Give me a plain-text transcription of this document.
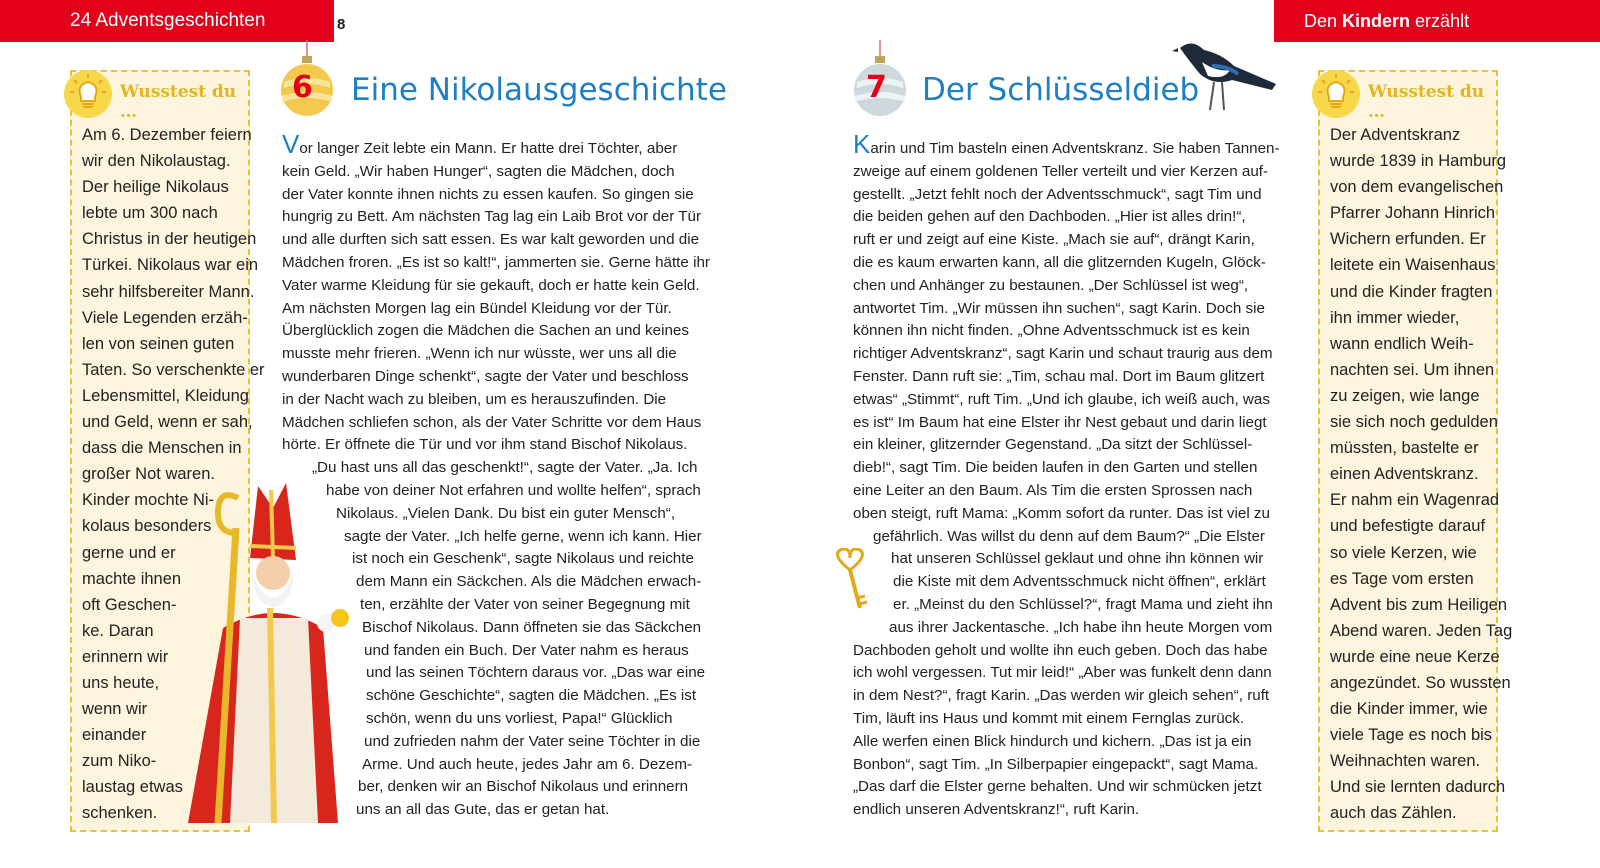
24 Adventsgeschichten	8
Wusstest du …
Am 6. Dezember feiern
wir den Nikolaustag.
Der heilige Nikolaus
lebte um 300 nach
Christus in der heutigen
Türkei. Nikolaus war ein
sehr hilfsbereiter Mann.
Viele Legenden erzäh-
len von seinen guten
Taten. So verschenkte er
Lebensmittel, Kleidung
und Geld, wenn er sah,
dass die Menschen in
großer Not waren.
Kinder mochte Ni-
kolaus besonders
gerne und er
machte ihnen
oft Geschen-
ke. Daran
erinnern wir
uns heute,
wenn wir
einander
zum Niko-
laustag etwas
schenken.
6 Eine Nikolausgeschichte
Vor langer Zeit lebte ein Mann. Er hatte drei Töchter, aber
kein Geld. „Wir haben Hunger“, sagten die Mädchen, doch
der Vater konnte ihnen nichts zu essen kaufen. So gingen sie
hungrig zu Bett. Am nächsten Tag lag ein Laib Brot vor der Tür
und alle durften sich satt essen. Es war kalt geworden und die
Mädchen froren. „Es ist so kalt!“, jammerten sie. Gerne hätte ihr
Vater warme Kleidung für sie gekauft, doch er hatte kein Geld.
Am nächsten Morgen lag ein Bündel Kleidung vor der Tür.
Überglücklich zogen die Mädchen die Sachen an und keines
musste mehr frieren. „Wenn ich nur wüsste, wer uns all die
wunderbaren Dinge schenkt“, sagte der Vater und beschloss
in der Nacht wach zu bleiben, um es herauszufinden. Die
Mädchen schliefen schon, als der Vater Schritte vor dem Haus
hörte. Er öffnete die Tür und vor ihm stand Bischof Nikolaus.
„Du hast uns all das geschenkt!“, sagte der Vater. „Ja. Ich
habe von deiner Not erfahren und wollte helfen“, sprach
Nikolaus. „Vielen Dank. Du bist ein guter Mensch“,
sagte der Vater. „Ich helfe gerne, wenn ich kann. Hier
ist noch ein Geschenk“, sagte Nikolaus und reichte
dem Mann ein Säckchen. Als die Mädchen erwach-
ten, erzählte der Vater von seiner Begegnung mit
Bischof Nikolaus. Dann öffneten sie das Säckchen
und fanden ein Buch. Der Vater nahm es heraus
und las seinen Töchtern daraus vor. „Das war eine
schöne Geschichte“, sagten die Mädchen. „Es ist
schön, wenn du uns vorliest, Papa!“ Glücklich
und zufrieden nahm der Vater seine Töchter in die
Arme. Und auch heute, jedes Jahr am 6. Dezem-
ber, denken wir an Bischof Nikolaus und erinnern
uns an all das Gute, das er getan hat.
Den Kindern erzählt
7 Der Schlüsseldieb
Karin und Tim basteln einen Adventskranz. Sie haben Tannen-
zweige auf einem goldenen Teller verteilt und vier Kerzen auf-
gestellt. „Jetzt fehlt noch der Adventsschmuck“, sagt Tim und
die beiden gehen auf den Dachboden. „Hier ist alles drin!“,
ruft er und zeigt auf eine Kiste. „Mach sie auf“, drängt Karin,
die es kaum erwarten kann, all die glitzernden Kugeln, Glöck-
chen und Anhänger zu bestaunen. „Der Schlüssel ist weg“,
antwortet Tim. „Wir müssen ihn suchen“, sagt Karin. Doch sie
können ihn nicht finden. „Ohne Adventsschmuck ist es kein
richtiger Adventskranz“, sagt Karin und schaut traurig aus dem
Fenster. Dann ruft sie: „Tim, schau mal. Dort im Baum glitzert
etwas“ „Stimmt“, ruft Tim. „Und ich glaube, ich weiß auch, was
es ist“ Im Baum hat eine Elster ihr Nest gebaut und darin liegt
ein kleiner, glitzernder Gegenstand. „Da sitzt der Schlüssel-
dieb!“, sagt Tim. Die beiden laufen in den Garten und stellen
eine Leiter an den Baum. Als Tim die ersten Sprossen nach
oben steigt, ruft Mama: „Komm sofort da runter. Das ist viel zu
gefährlich. Was willst du denn auf dem Baum?“ „Die Elster
hat unseren Schlüssel geklaut und ohne ihn können wir
die Kiste mit dem Adventsschmuck nicht öffnen“, erklärt
er. „Meinst du den Schlüssel?“, fragt Mama und zieht ihn
aus ihrer Jackentasche. „Ich habe ihn heute Morgen vom
Dachboden geholt und wollte ihn euch geben. Doch das habe
ich wohl vergessen. Tut mir leid!“ „Aber was funkelt denn dann
in dem Nest?“, fragt Karin. „Das werden wir gleich sehen“, ruft
Tim, läuft ins Haus und kommt mit einem Fernglas zurück.
Alle werfen einen Blick hindurch und kichern. „Das ist ja ein
Bonbon“, sagt Tim. „In Silberpapier eingepackt“, sagt Mama.
„Das darf die Elster gerne behalten. Und wir schmücken jetzt
endlich unseren Adventskranz!“, ruft Karin.
Wusstest du …
Der Adventskranz
wurde 1839 in Hamburg
von dem evangelischen
Pfarrer Johann Hinrich
Wichern erfunden. Er
leitete ein Waisenhaus
und die Kinder fragten
ihn immer wieder,
wann endlich Weih-
nachten sei. Um ihnen
zu zeigen, wie lange
sie sich noch gedulden
müssten, bastelte er
einen Adventskranz.
Er nahm ein Wagenrad
und befestigte darauf
so viele Kerzen, wie
es Tage vom ersten
Advent bis zum Heiligen
Abend waren. Jeden Tag
wurde eine neue Kerze
angezündet. So wussten
die Kinder immer, wie
viele Tage es noch bis
Weihnachten waren.
Und sie lernten dadurch
auch das Zählen.
